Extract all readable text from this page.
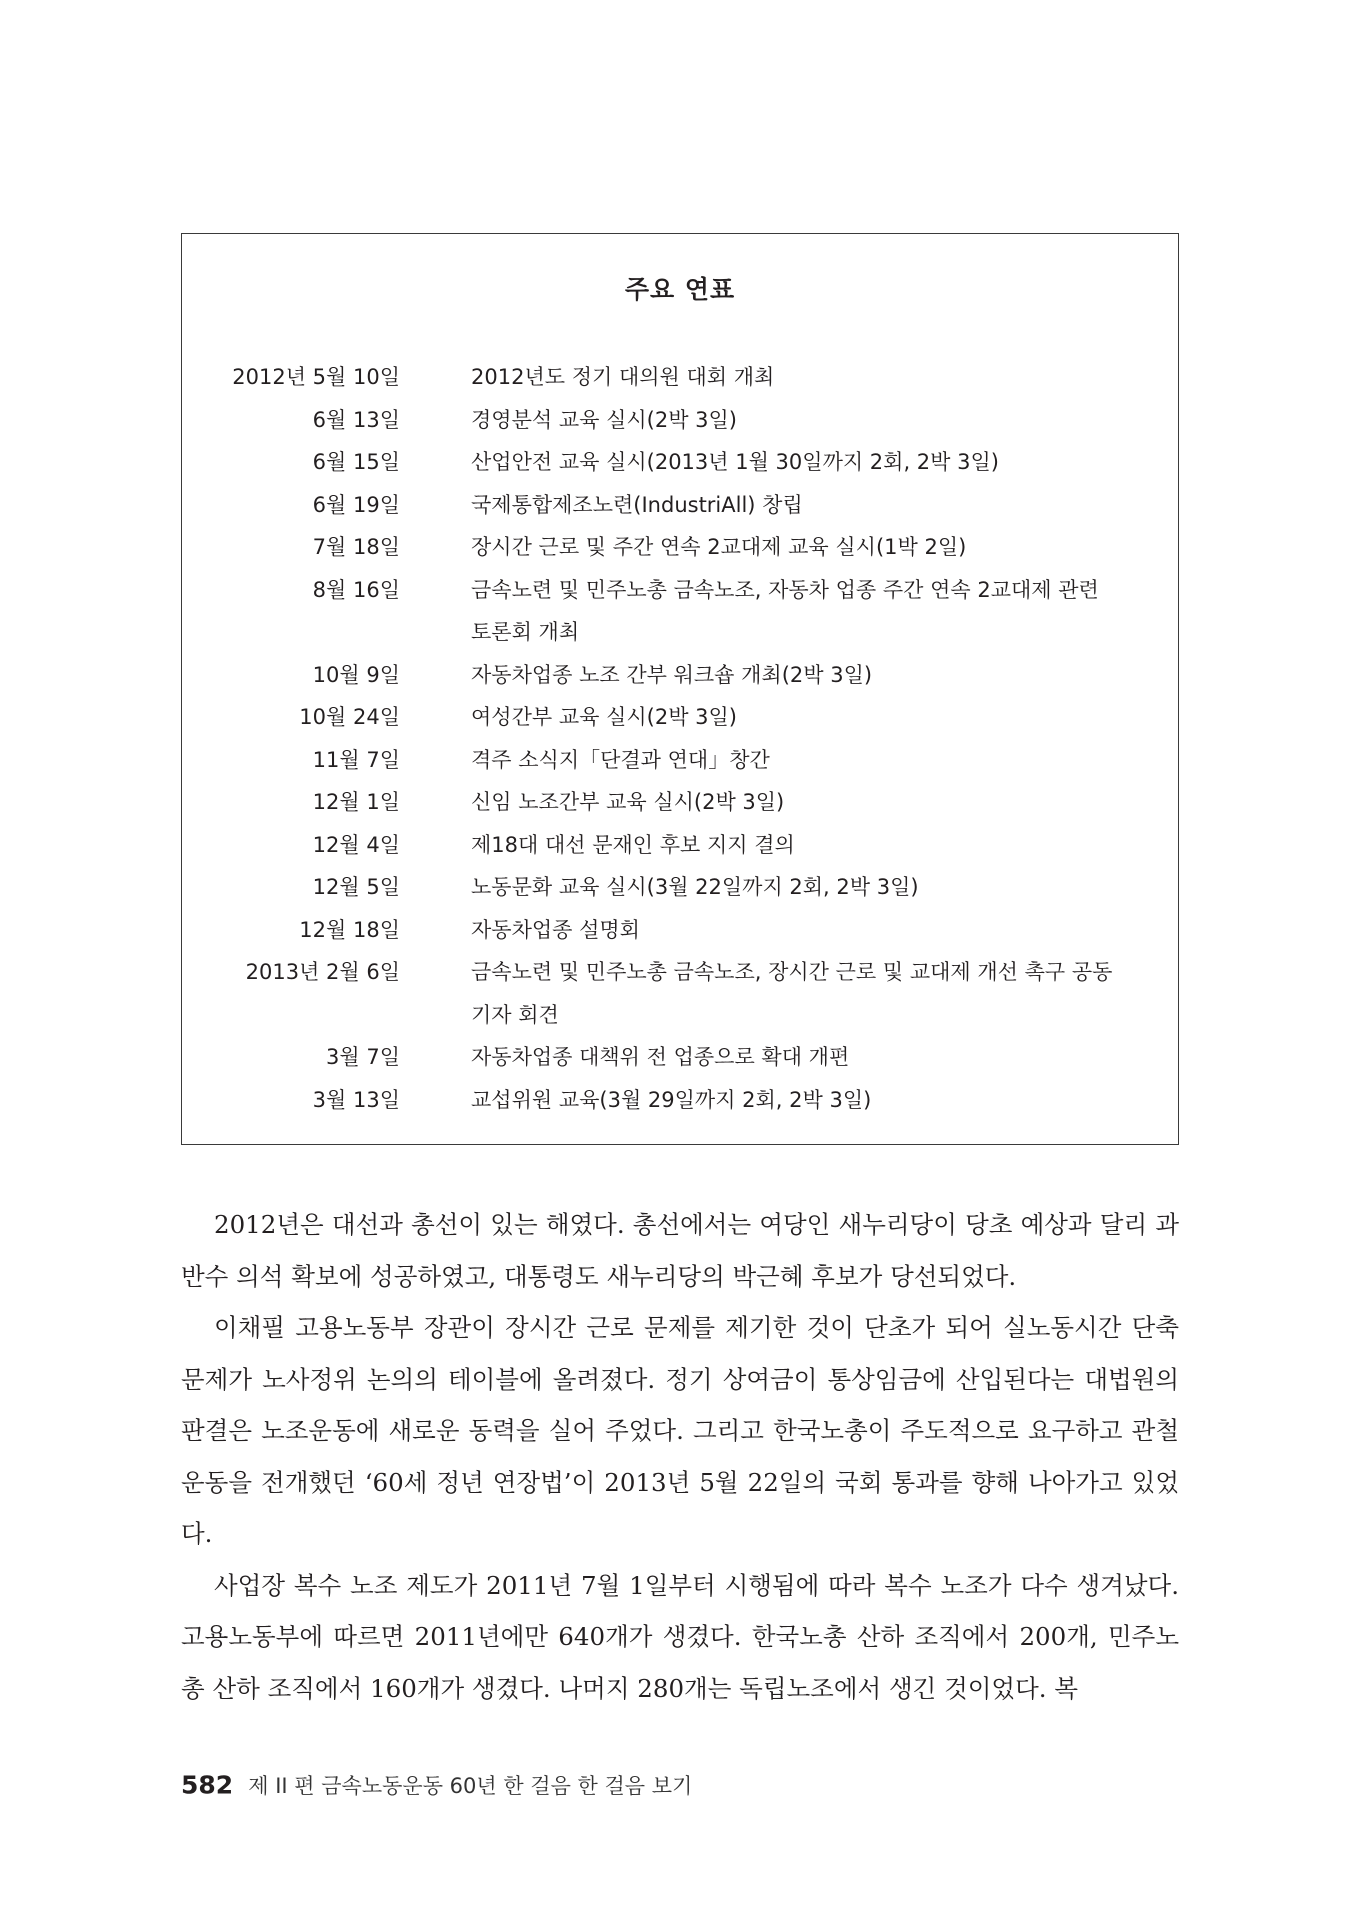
주요 연표
2012년 5월 10일	2012년도 정기 대의원 대회 개최
6월 13일	경영분석 교육 실시(2박 3일)
6월 15일	산업안전 교육 실시(2013년 1월 30일까지 2회, 2박 3일)
6월 19일	국제통합제조노련(IndustriAll) 창립
7월 18일	장시간 근로 및 주간 연속 2교대제 교육 실시(1박 2일)
8월 16일	금속노련 및 민주노총 금속노조, 자동차 업종 주간 연속 2교대제 관련
토론회 개최
10월 9일	자동차업종 노조 간부 워크숍 개최(2박 3일)
10월 24일	여성간부 교육 실시(2박 3일)
11월 7일	격주 소식지「단결과 연대」창간
12월 1일	신임 노조간부 교육 실시(2박 3일)
12월 4일	제18대 대선 문재인 후보 지지 결의
12월 5일	노동문화 교육 실시(3월 22일까지 2회, 2박 3일)
12월 18일	자동차업종 설명회
2013년 2월 6일	금속노련 및 민주노총 금속노조, 장시간 근로 및 교대제 개선 촉구 공동
기자 회견
3월 7일	자동차업종 대책위 전 업종으로 확대 개편
3월 13일	교섭위원 교육(3월 29일까지 2회, 2박 3일)

2012년은 대선과 총선이 있는 해였다. 총선에서는 여당인 새누리당이 당초 예상과 달리 과반수 의석 확보에 성공하였고, 대통령도 새누리당의 박근혜 후보가 당선되었다.

이채필 고용노동부 장관이 장시간 근로 문제를 제기한 것이 단초가 되어 실노동시간 단축 문제가 노사정위 논의의 테이블에 올려졌다. 정기 상여금이 통상임금에 산입된다는 대법원의 판결은 노조운동에 새로운 동력을 실어 주었다. 그리고 한국노총이 주도적으로 요구하고 관철 운동을 전개했던 ‘60세 정년 연장법’이 2013년 5월 22일의 국회 통과를 향해 나아가고 있었다.

사업장 복수 노조 제도가 2011년 7월 1일부터 시행됨에 따라 복수 노조가 다수 생겨났다. 고용노동부에 따르면 2011년에만 640개가 생겼다. 한국노총 산하 조직에서 200개, 민주노총 산하 조직에서 160개가 생겼다. 나머지 280개는 독립노조에서 생긴 것이었다. 복

582 제 II 편 금속노동운동 60년 한 걸음 한 걸음 보기
